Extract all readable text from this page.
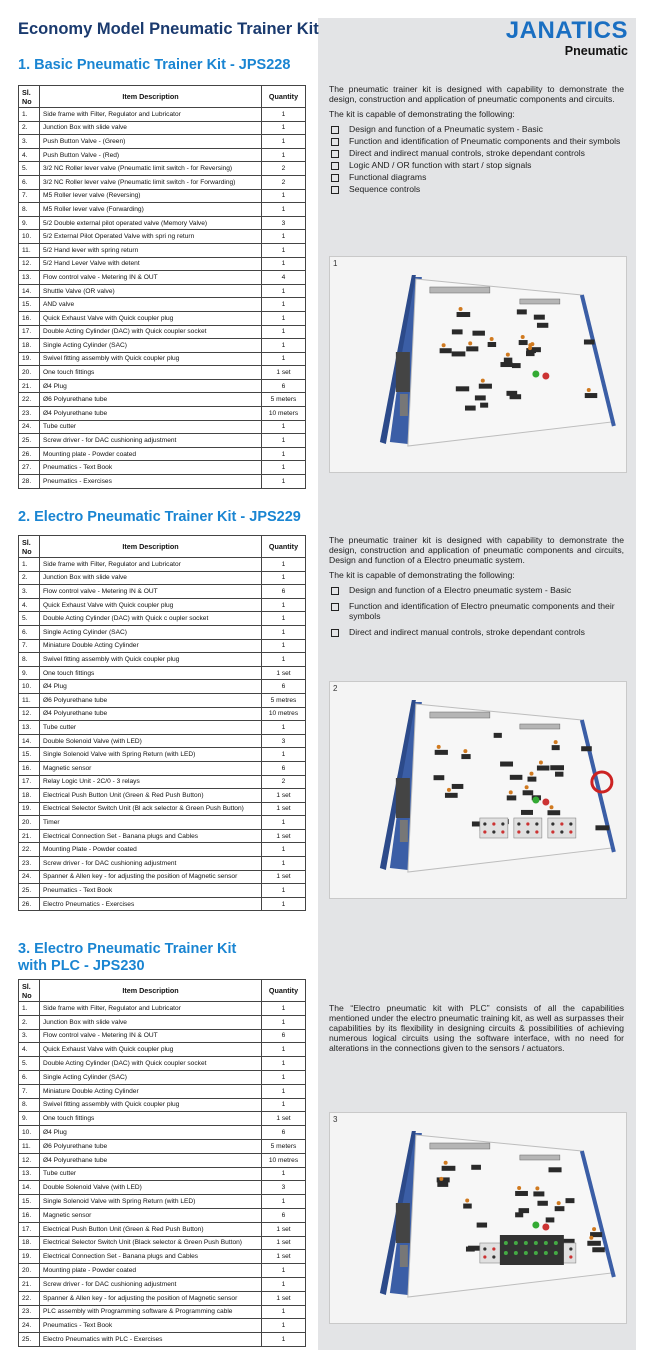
Economy Model Pneumatic Trainer Kit	JANATICS
Pneumatic
1. Basic Pneumatic Trainer Kit - JPS228
Sl. No	Item Description	Quantity
1.	Side frame with Filter, Regulator and Lubricator	1
2.	Junction Box with slide valve	1
3.	Push Button Valve - (Green)	1
4.	Push Button Valve - (Red)	1
5.	3/2 NC Roller lever valve (Pneumatic limit switch - for Reversing)	2
6.	3/2 NC Roller lever valve (Pneumatic limit switch - for Forwarding)	2
7.	M5 Roller lever valve (Reversing)	1
8.	M5 Roller lever valve (Forwarding)	1
9.	5/2 Double external pilot operated valve (Memory Valve)	3
10.	5/2 External Pilot Operated Valve with spri ng return	1
11.	5/2 Hand lever with spring return	1
12.	5/2 Hand Lever Valve with detent	1
13.	Flow control valve - Metering IN & OUT	4
14.	Shuttle Valve (OR valve)	1
15.	AND valve	1
16.	Quick Exhaust Valve with Quick coupler plug	1
17.	Double Acting Cylinder (DAC) with Quick coupler socket	1
18.	Single Acting Cylinder (SAC)	1
19.	Swivel fitting assembly with Quick coupler plug	1
20.	One touch fittings	1 set
21.	Ø4 Plug	6
22.	Ø6 Polyurethane tube	5 meters
23.	Ø4 Polyurethane tube	10 meters
24.	Tube cutter	1
25.	Screw driver - for DAC cushioning adjustment	1
26.	Mounting plate - Powder coated	1
27.	Pneumatics - Text Book	1
28.	Pneumatics - Exercises	1

The pneumatic trainer kit is designed with capability to demonstrate the design, construction and application of pneumatic components and circuits.

The kit is capable of demonstrating the following:

Design and function of a Pneumatic system - Basic
Function and identification of Pneumatic components and their symbols
Direct and indirect manual controls, stroke dependant controls
Logic AND / OR function with start / stop signals
Functional diagrams
Sequence controls
1
2. Electro Pneumatic Trainer Kit - JPS229
Sl. No	Item Description	Quantity
1.	Side frame with Filter, Regulator and Lubricator	1
2.	Junction Box with slide valve	1
3.	Flow control valve - Metering IN & OUT	6
4.	Quick Exhaust Valve with Quick coupler plug	1
5.	Double Acting Cylinder (DAC) with Quick c oupler socket	1
6.	Single Acting Cylinder (SAC)	1
7.	Miniature Double Acting Cylinder	1
8.	Swivel fitting assembly with Quick coupler plug	1
9.	One touch fittings	1 set
10.	Ø4 Plug	6
11.	Ø6 Polyurethane tube	5 metres
12.	Ø4 Polyurethane tube	10 metres
13.	Tube cutter	1
14.	Double Solenoid Valve (with LED)	3
15.	Single Solenoid Valve with Spring Return (with LED)	1
16.	Magnetic sensor	6
17.	Relay Logic Unit - 2C/0 - 3 relays	2
18.	Electrical Push Button Unit (Green & Red Push Button)	1 set
19.	Electrical Selector Switch Unit (Bl ack selector & Green Push Button)	1 set
20.	Timer	1
21.	Electrical Connection Set - Banana plugs and Cables	1 set
22.	Mounting Plate - Powder coated	1
23.	Screw driver - for DAC cushioning adjustment	1
24.	Spanner & Allen key - for adjusting the position of Magnetic sensor	1 set
25.	Pneumatics - Text Book	1
26.	Electro Pneumatics - Exercises	1

The pneumatic trainer kit is designed with capability to demonstrate the design, construction and application of pneumatic components and circuits, Design and function of a Electro pneumatic system.

The kit is capable of demonstrating the following:

Design and function of a Electro pneumatic system - Basic
Function and identification of Electro pneumatic components and their symbols
Direct and indirect manual controls, stroke dependant controls
2
3. Electro Pneumatic Trainer Kit
with PLC - JPS230
Sl. No	Item Description	Quantity
1.	Side frame with Filter, Regulator and Lubricator	1
2.	Junction Box with slide valve	1
3.	Flow control valve - Metering IN & OUT	6
4.	Quick Exhaust Valve with Quick coupler plug	1
5.	Double Acting Cylinder (DAC) with Quick coupler socket	1
6.	Single Acting Cylinder (SAC)	1
7.	Miniature Double Acting Cylinder	1
8.	Swivel fitting assembly with Quick coupler plug	1
9.	One touch fittings	1 set
10.	Ø4 Plug	6
11.	Ø6 Polyurethane tube	5 meters
12.	Ø4 Polyurethane tube	10 metres
13.	Tube cutter	1
14.	Double Solenoid Valve (with LED)	3
15.	Single Solenoid Valve with Spring Return (with LED)	1
16.	Magnetic sensor	6
17.	Electrical Push Button Unit (Green & Red Push Button)	1 set
18.	Electrical Selector Switch Unit (Black selector & Green Push Button)	1 set
19.	Electrical Connection Set - Banana plugs and Cables	1 set
20.	Mounting plate - Powder coated	1
21.	Screw driver - for DAC cushioning adjustment	1
22.	Spanner & Allen key - for adjusting the position of Magnetic sensor	1 set
23.	PLC assembly with Programming software & Programming cable	1
24.	Pneumatics - Text Book	1
25.	Electro Pneumatics with PLC - Exercises	1

The “Electro pneumatic kit with PLC” consists of all the capabilities mentioned under the electro pneumatic training kit, as well as surpasses their capabilities by its flexibility in designing circuits & possibilities of achieving numerous logical circuits using the software interface, with no need for alterations in the connections given to the sensors / actuators.

3
